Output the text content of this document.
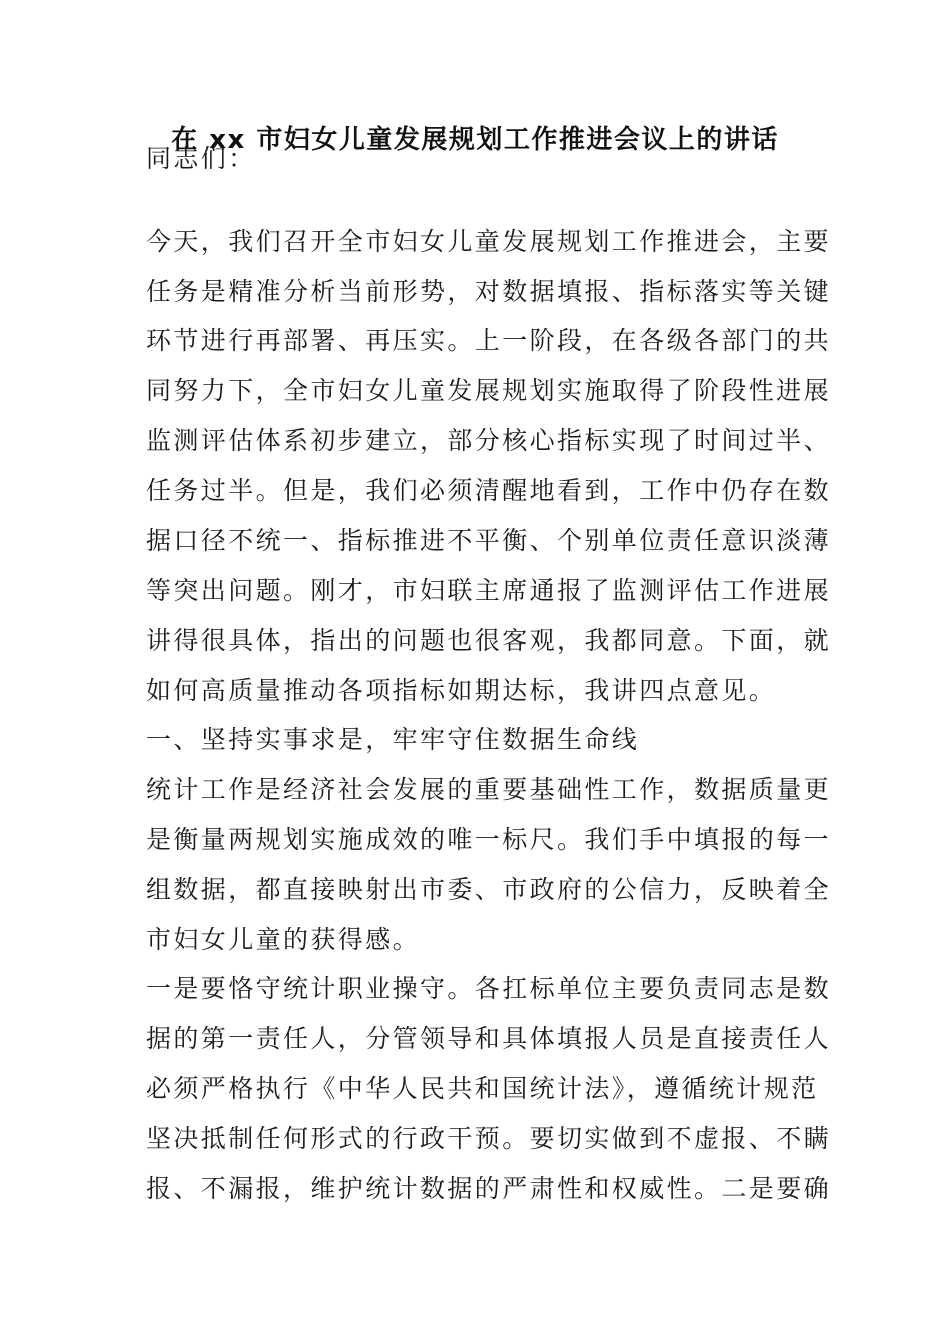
在 xx 市妇女儿童发展规划工作推进会议上的讲话
同志们：
今天，我们召开全市妇女儿童发展规划工作推进会，主要
任务是精准分析当前形势，对数据填报、指标落实等关键
环节进行再部署、再压实。上一阶段，在各级各部门的共
同努力下，全市妇女儿童发展规划实施取得了阶段性进展
监测评估体系初步建立，部分核心指标实现了时间过半、
任务过半。但是，我们必须清醒地看到，工作中仍存在数
据口径不统一、指标推进不平衡、个别单位责任意识淡薄
等突出问题。刚才，市妇联主席通报了监测评估工作进展
讲得很具体，指出的问题也很客观，我都同意。下面，就
如何高质量推动各项指标如期达标，我讲四点意见。
一、坚持实事求是，牢牢守住数据生命线
统计工作是经济社会发展的重要基础性工作，数据质量更
是衡量两规划实施成效的唯一标尺。我们手中填报的每一
组数据，都直接映射出市委、市政府的公信力，反映着全
市妇女儿童的获得感。
一是要恪守统计职业操守。各扛标单位主要负责同志是数
据的第一责任人，分管领导和具体填报人员是直接责任人
必须严格执行《中华人民共和国统计法》，遵循统计规范
坚决抵制任何形式的行政干预。要切实做到不虚报、不瞒
报、不漏报，维护统计数据的严肃性和权威性。二是要确
